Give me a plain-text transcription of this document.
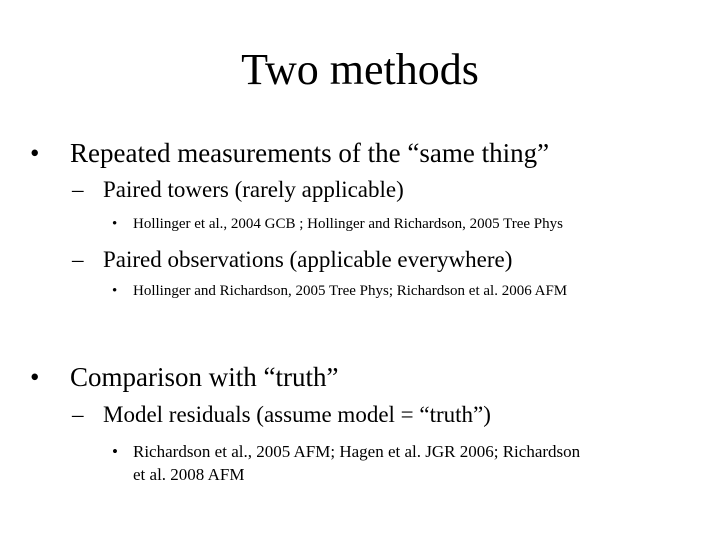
Two methods
• Repeated measurements of the “same thing”
– Paired towers (rarely applicable)
• Hollinger et al., 2004 GCB ; Hollinger and Richardson, 2005 Tree Phys
– Paired observations (applicable everywhere)
• Hollinger and Richardson, 2005 Tree Phys; Richardson et al. 2006 AFM
• Comparison with “truth”
– Model residuals (assume model = “truth”)
• Richardson et al., 2005 AFM; Hagen et al. JGR 2006; Richardson
et al. 2008 AFM
